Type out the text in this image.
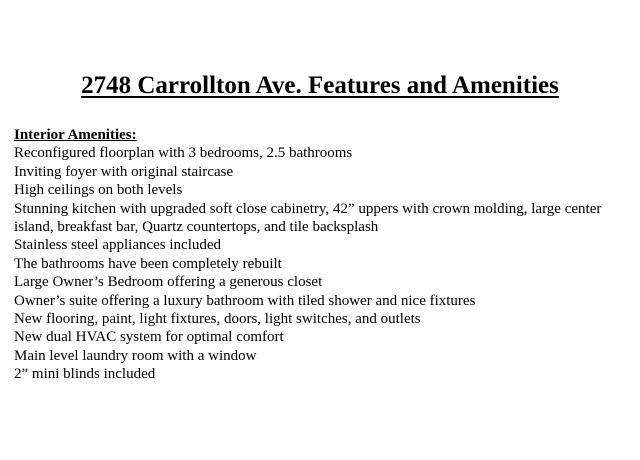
2748 Carrollton Ave. Features and Amenities

Interior Amenities:

Reconfigured floorplan with 3 bedrooms, 2.5 bathrooms
Inviting foyer with original staircase
High ceilings on both levels
Stunning kitchen with upgraded soft close cabinetry, 42” uppers with crown molding, large center island, breakfast bar, Quartz countertops, and tile backsplash
Stainless steel appliances included
The bathrooms have been completely rebuilt
Large Owner’s Bedroom offering a generous closet
Owner’s suite offering a luxury bathroom with tiled shower and nice fixtures
New flooring, paint, light fixtures, doors, light switches, and outlets
New dual HVAC system for optimal comfort
Main level laundry room with a window
2” mini blinds included
